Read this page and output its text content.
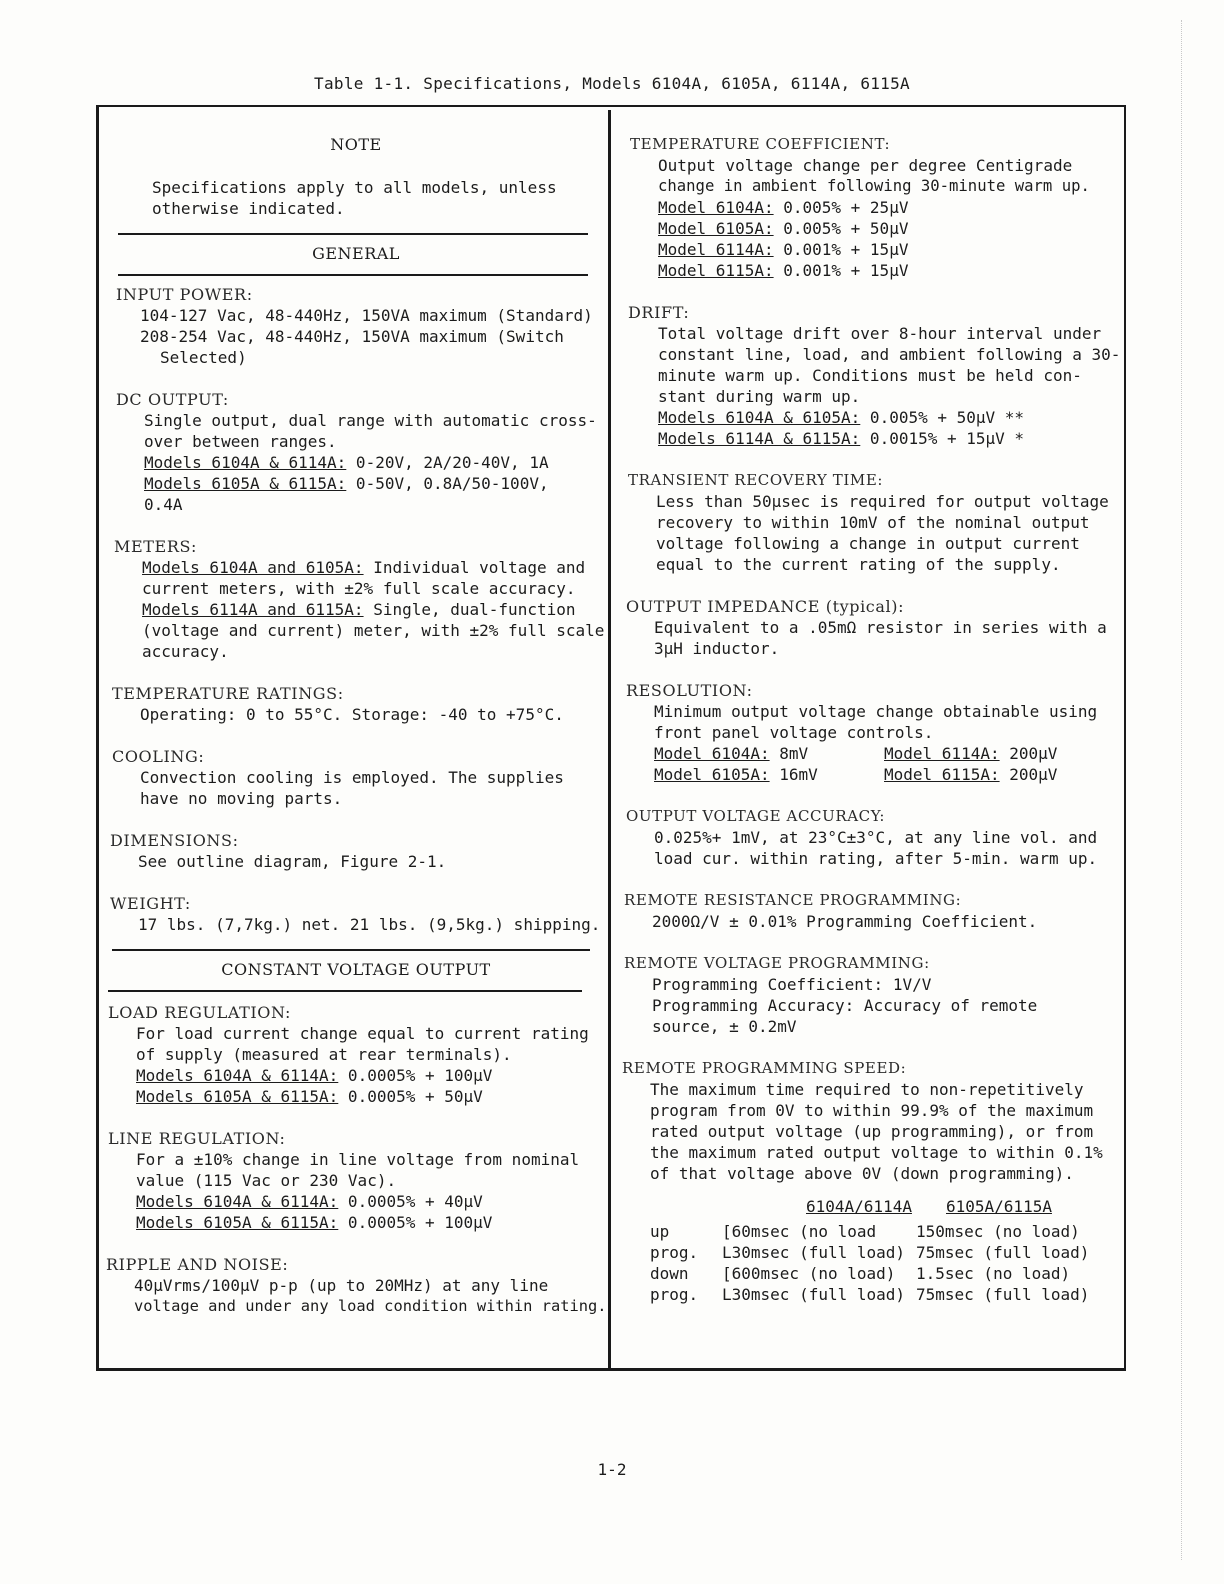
Table 1-1. Specifications, Models 6104A, 6105A, 6114A, 6115A
NOTE
Specifications apply to all models, unless
otherwise indicated.
GENERAL
INPUT POWER:
104-127 Vac, 48-440Hz, 150VA maximum (Standard)
208-254 Vac, 48-440Hz, 150VA maximum (Switch
Selected)
DC OUTPUT:
Single output, dual range with automatic cross-
over between ranges.
Models 6104A & 6114A: 0-20V, 2A/20-40V, 1A
Models 6105A & 6115A: 0-50V, 0.8A/50-100V,
0.4A
METERS:
Models 6104A and 6105A: Individual voltage and
current meters, with ±2% full scale accuracy.
Models 6114A and 6115A: Single, dual-function
(voltage and current) meter, with ±2% full scale
accuracy.
TEMPERATURE RATINGS:
Operating: 0 to 55°C. Storage: -40 to +75°C.
COOLING:
Convection cooling is employed. The supplies
have no moving parts.
DIMENSIONS:
See outline diagram, Figure 2-1.
WEIGHT:
17 lbs. (7,7kg.) net. 21 lbs. (9,5kg.) shipping.
CONSTANT VOLTAGE OUTPUT
LOAD REGULATION:
For load current change equal to current rating
of supply (measured at rear terminals).
Models 6104A & 6114A: 0.0005% + 100µV
Models 6105A & 6115A: 0.0005% + 50µV
LINE REGULATION:
For a ±10% change in line voltage from nominal
value (115 Vac or 230 Vac).
Models 6104A & 6114A: 0.0005% + 40µV
Models 6105A & 6115A: 0.0005% + 100µV
RIPPLE AND NOISE:
40µVrms/100µV p-p (up to 20MHz) at any line
voltage and under any load condition within rating.
TEMPERATURE COEFFICIENT:
Output voltage change per degree Centigrade
change in ambient following 30-minute warm up.
Model 6104A: 0.005% + 25µV
Model 6105A: 0.005% + 50µV
Model 6114A: 0.001% + 15µV
Model 6115A: 0.001% + 15µV
DRIFT:
Total voltage drift over 8-hour interval under
constant line, load, and ambient following a 30-
minute warm up. Conditions must be held con-
stant during warm up.
Models 6104A & 6105A: 0.005% + 50µV **
Models 6114A & 6115A: 0.0015% + 15µV *
TRANSIENT RECOVERY TIME:
Less than 50µsec is required for output voltage
recovery to within 10mV of the nominal output
voltage following a change in output current
equal to the current rating of the supply.
OUTPUT IMPEDANCE (typical):
Equivalent to a .05mΩ resistor in series with a
3µH inductor.
RESOLUTION:
Minimum output voltage change obtainable using
front panel voltage controls.
Model 6104A: 8mV	Model 6114A: 200µV
Model 6105A: 16mV	Model 6115A: 200µV
OUTPUT VOLTAGE ACCURACY:
0.025%+ 1mV, at 23°C±3°C, at any line vol. and
load cur. within rating, after 5-min. warm up.
REMOTE RESISTANCE PROGRAMMING:
2000Ω/V ± 0.01% Programming Coefficient.
REMOTE VOLTAGE PROGRAMMING:
Programming Coefficient: 1V/V
Programming Accuracy: Accuracy of remote
source, ± 0.2mV
REMOTE PROGRAMMING SPEED:
The maximum time required to non-repetitively
program from 0V to within 99.9% of the maximum
rated output voltage (up programming), or from
the maximum rated output voltage to within 0.1%
of that voltage above 0V (down programming).
6104A/6114A	6105A/6115A
up	[60msec (no load	150msec (no load)
prog.	L30msec (full load) 75msec (full load)
down	[600msec (no load)	1.5sec (no load)
prog.	L30msec (full load) 75msec (full load)
1-2
